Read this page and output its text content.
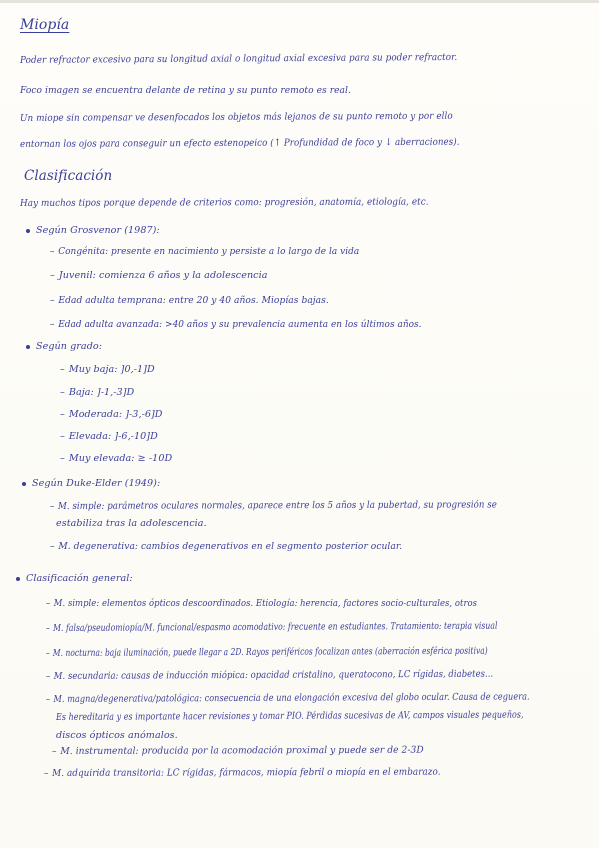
Miopía
Poder refractor excesivo para su longitud axial o longitud axial excesiva para su poder refractor.
Foco imagen se encuentra delante de retina y su punto remoto es real.
Un miope sin compensar ve desenfocados los objetos más lejanos de su punto remoto y por ello
entornan los ojos para conseguir un efecto estenopeico (↑ Profundidad de foco y ↓ aberraciones).
Clasificación
Hay muchos tipos porque depende de criterios como: progresión, anatomía, etiología, etc.
Según Grosvenor (1987):
– Congénita: presente en nacimiento y persiste a lo largo de la vida
– Juvenil: comienza 6 años y la adolescencia
– Edad adulta temprana: entre 20 y 40 años. Miopías bajas.
– Edad adulta avanzada: >40 años y su prevalencia aumenta en los últimos años.
Según grado:
– Muy baja: ]0,-1]D
– Baja: ]-1,-3]D
– Moderada: ]-3,-6]D
– Elevada: ]-6,-10]D
– Muy elevada: ≥ -10D
Según Duke-Elder (1949):
– M. simple: parámetros oculares normales, aparece entre los 5 años y la pubertad, su progresión se
estabiliza tras la adolescencia.
– M. degenerativa: cambios degenerativos en el segmento posterior ocular.
Clasificación general:
– M. simple: elementos ópticos descoordinados. Etiología: herencia, factores socio-culturales, otros
– M. falsa/pseudomiopía/M. funcional/espasmo acomodativo: frecuente en estudiantes. Tratamiento: terapia visual
– M. nocturna: baja iluminación, puede llegar a 2D. Rayos periféricos focalizan antes (aberración esférica positiva)
– M. secundaria: causas de inducción miópica: opacidad cristalino, queratocono, LC rígidas, diabetes...
– M. magna/degenerativa/patológica: consecuencia de una elongación excesiva del globo ocular. Causa de ceguera.
Es hereditaria y es importante hacer revisiones y tomar PIO. Pérdidas sucesivas de AV, campos visuales pequeños,
discos ópticos anómalos.
– M. instrumental: producida por la acomodación proximal y puede ser de 2-3D
– M. adquirida transitoria: LC rígidas, fármacos, miopía febril o miopía en el embarazo.
